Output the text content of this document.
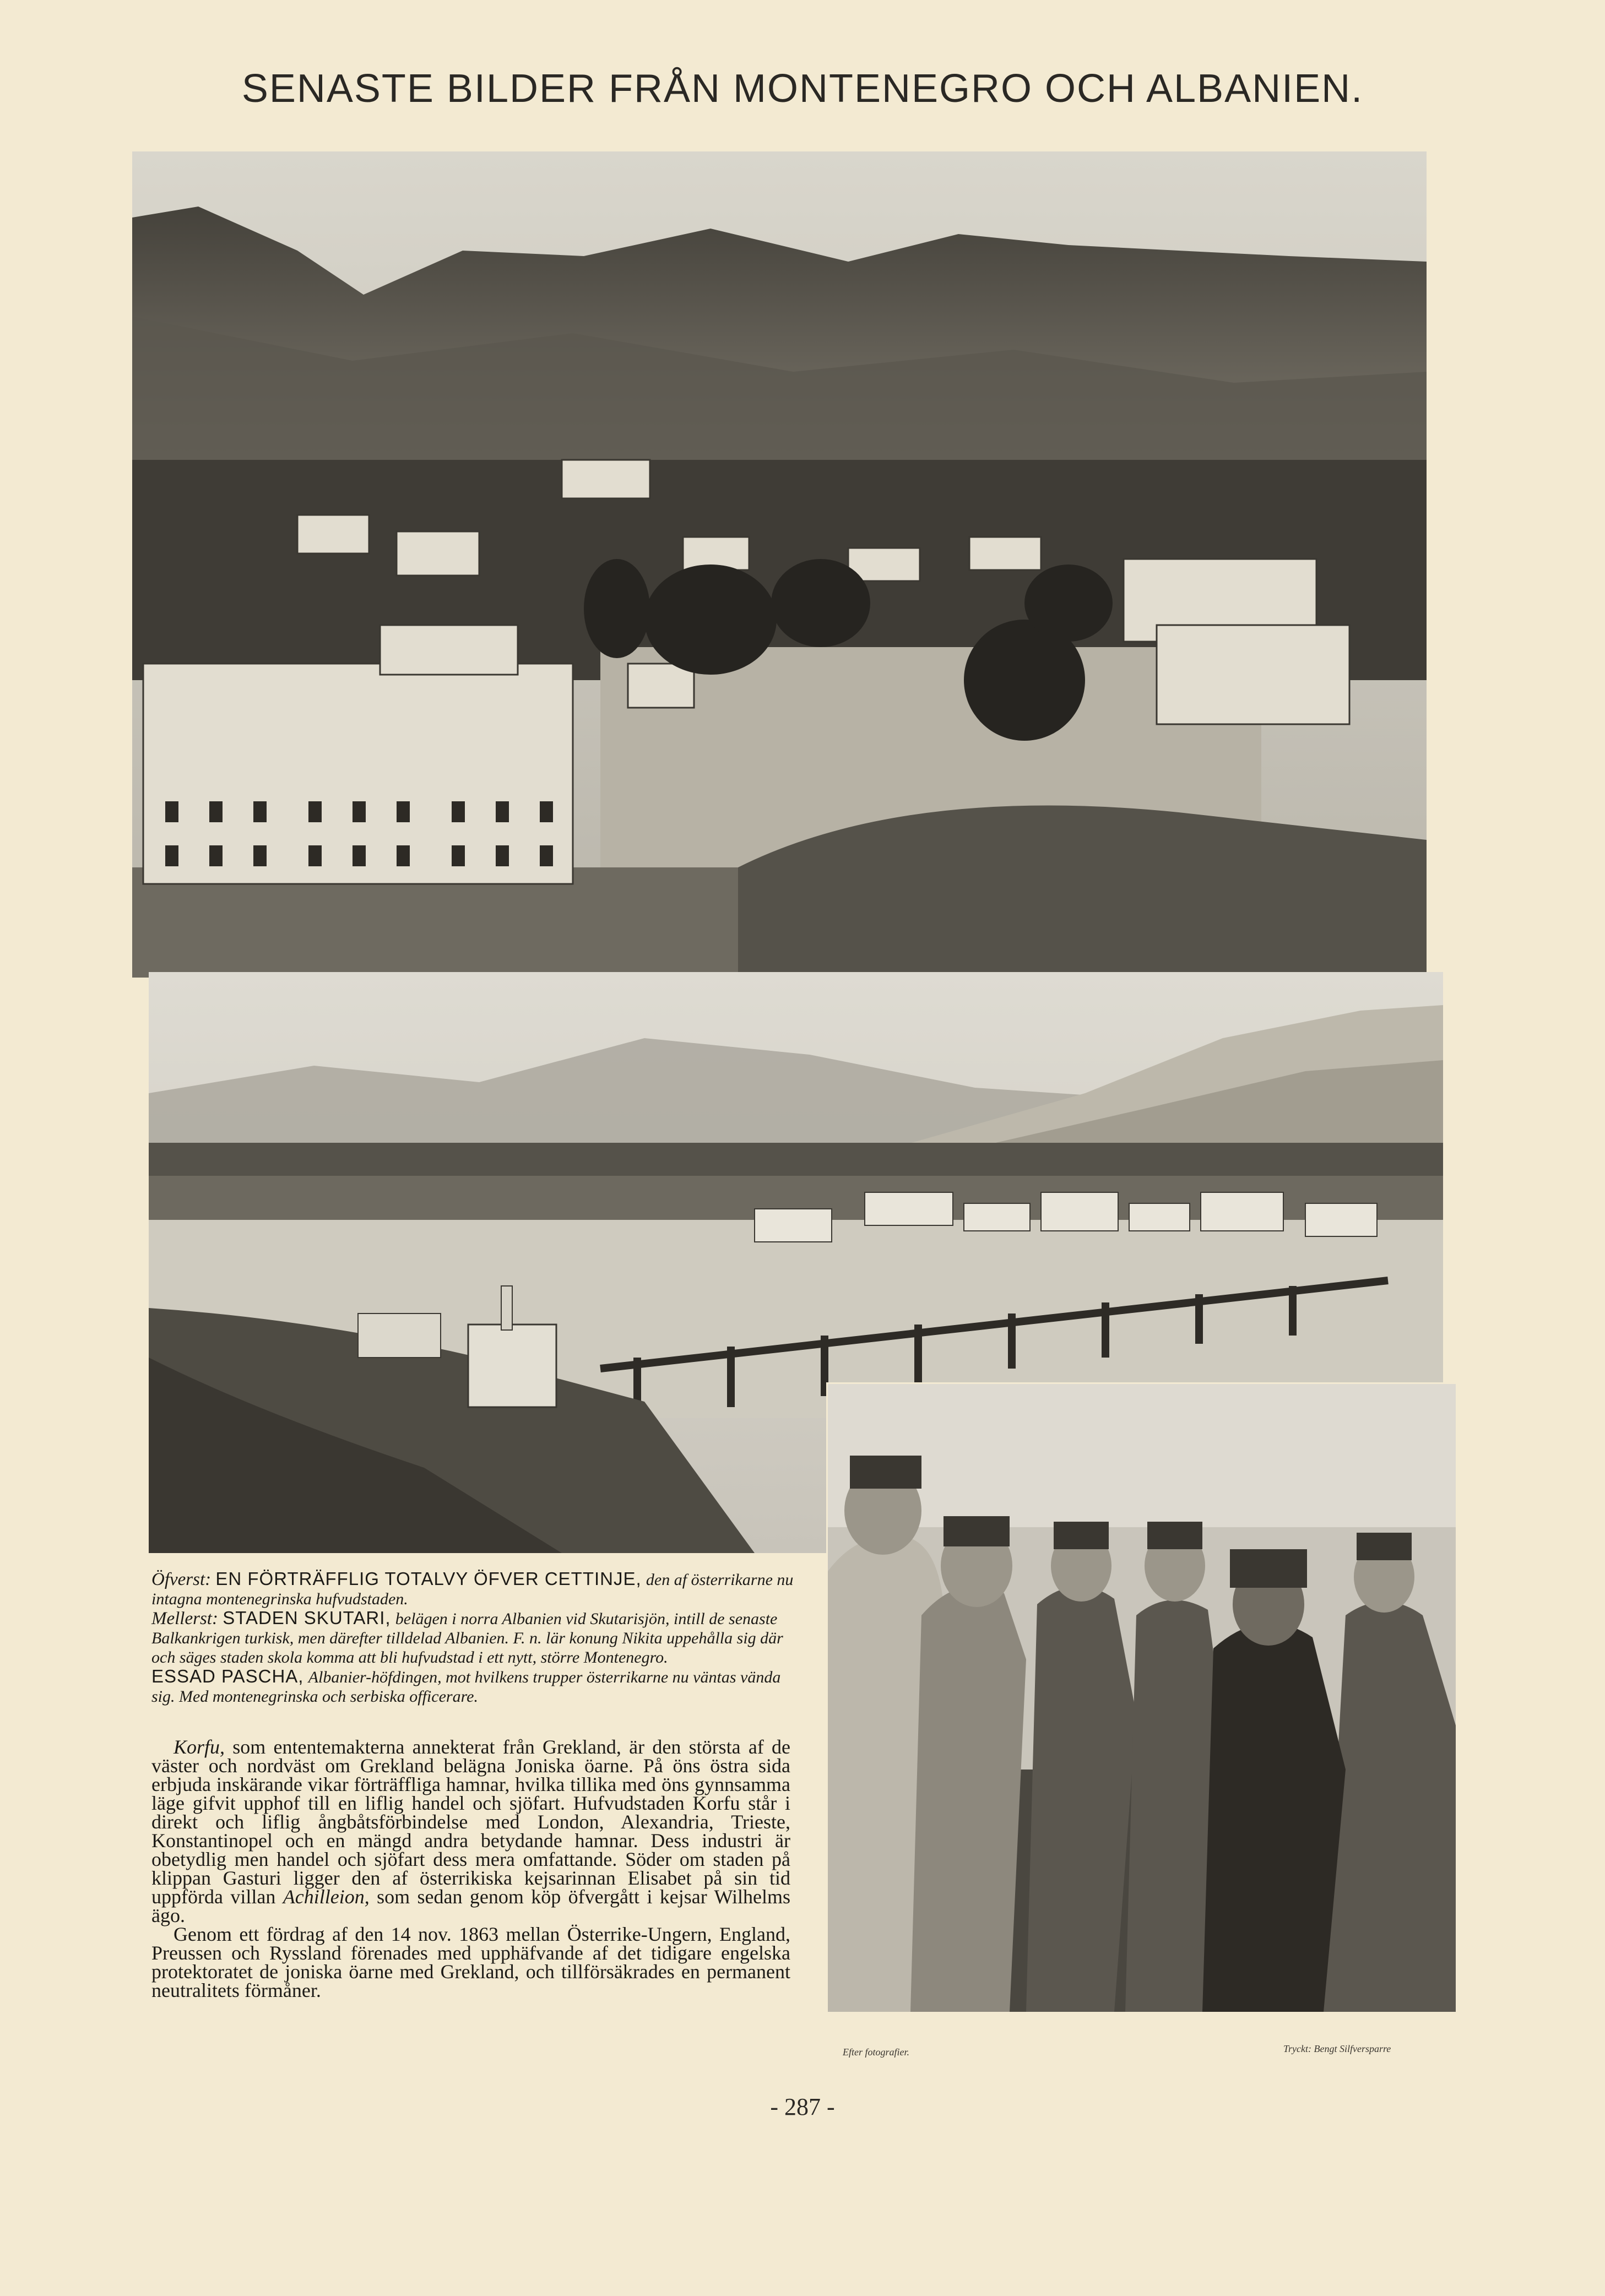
SENASTE BILDER FRÅN MONTENEGRO OCH ALBANIEN.

Öfverst: EN FÖRTRÄFFLIG TOTALVY ÖFVER CETTINJE, den af österrikarne nu intagna montenegrinska hufvudstaden.

Mellerst: STADEN SKUTARI, belägen i norra Albanien vid Skutarisjön, intill de senaste Balkankrigen turkisk, men därefter tilldelad Albanien. F. n. lär konung Nikita uppehålla sig där och säges staden skola komma att bli hufvudstad i ett nytt, större Montenegro.

ESSAD PASCHA, Albanier-höfdingen, mot hvilkens trupper österrikarne nu väntas vända sig. Med montenegrinska och serbiska officerare.

Korfu, som ententemakterna annekterat från Grekland, är den största af de väster och nordväst om Grekland belägna Joniska öarne. På öns östra sida erbjuda inskärande vikar förträffliga hamnar, hvilka tillika med öns gynnsamma läge gifvit upphof till en liflig handel och sjöfart. Hufvudstaden Korfu står i direkt och liflig ångbåtsförbindelse med London, Alexandria, Trieste, Konstantinopel och en mängd andra betydande hamnar. Dess industri är obetydlig men handel och sjöfart dess mera omfattande. Söder om staden på klippan Gasturi ligger den af österrikiska kejsarinnan Elisabet på sin tid uppförda villan Achilleion, som sedan genom köp öfvergått i kejsar Wilhelms ägo.

Genom ett fördrag af den 14 nov. 1863 mellan Österrike-Ungern, England, Preussen och Ryssland förenades med upphäfvande af det tidigare engelska protektoratet de joniska öarne med Grekland, och tillförsäkrades en permanent neutralitets förmåner.

Efter fotografier.	Tryckt: Bengt Silfversparre
- 287 -
